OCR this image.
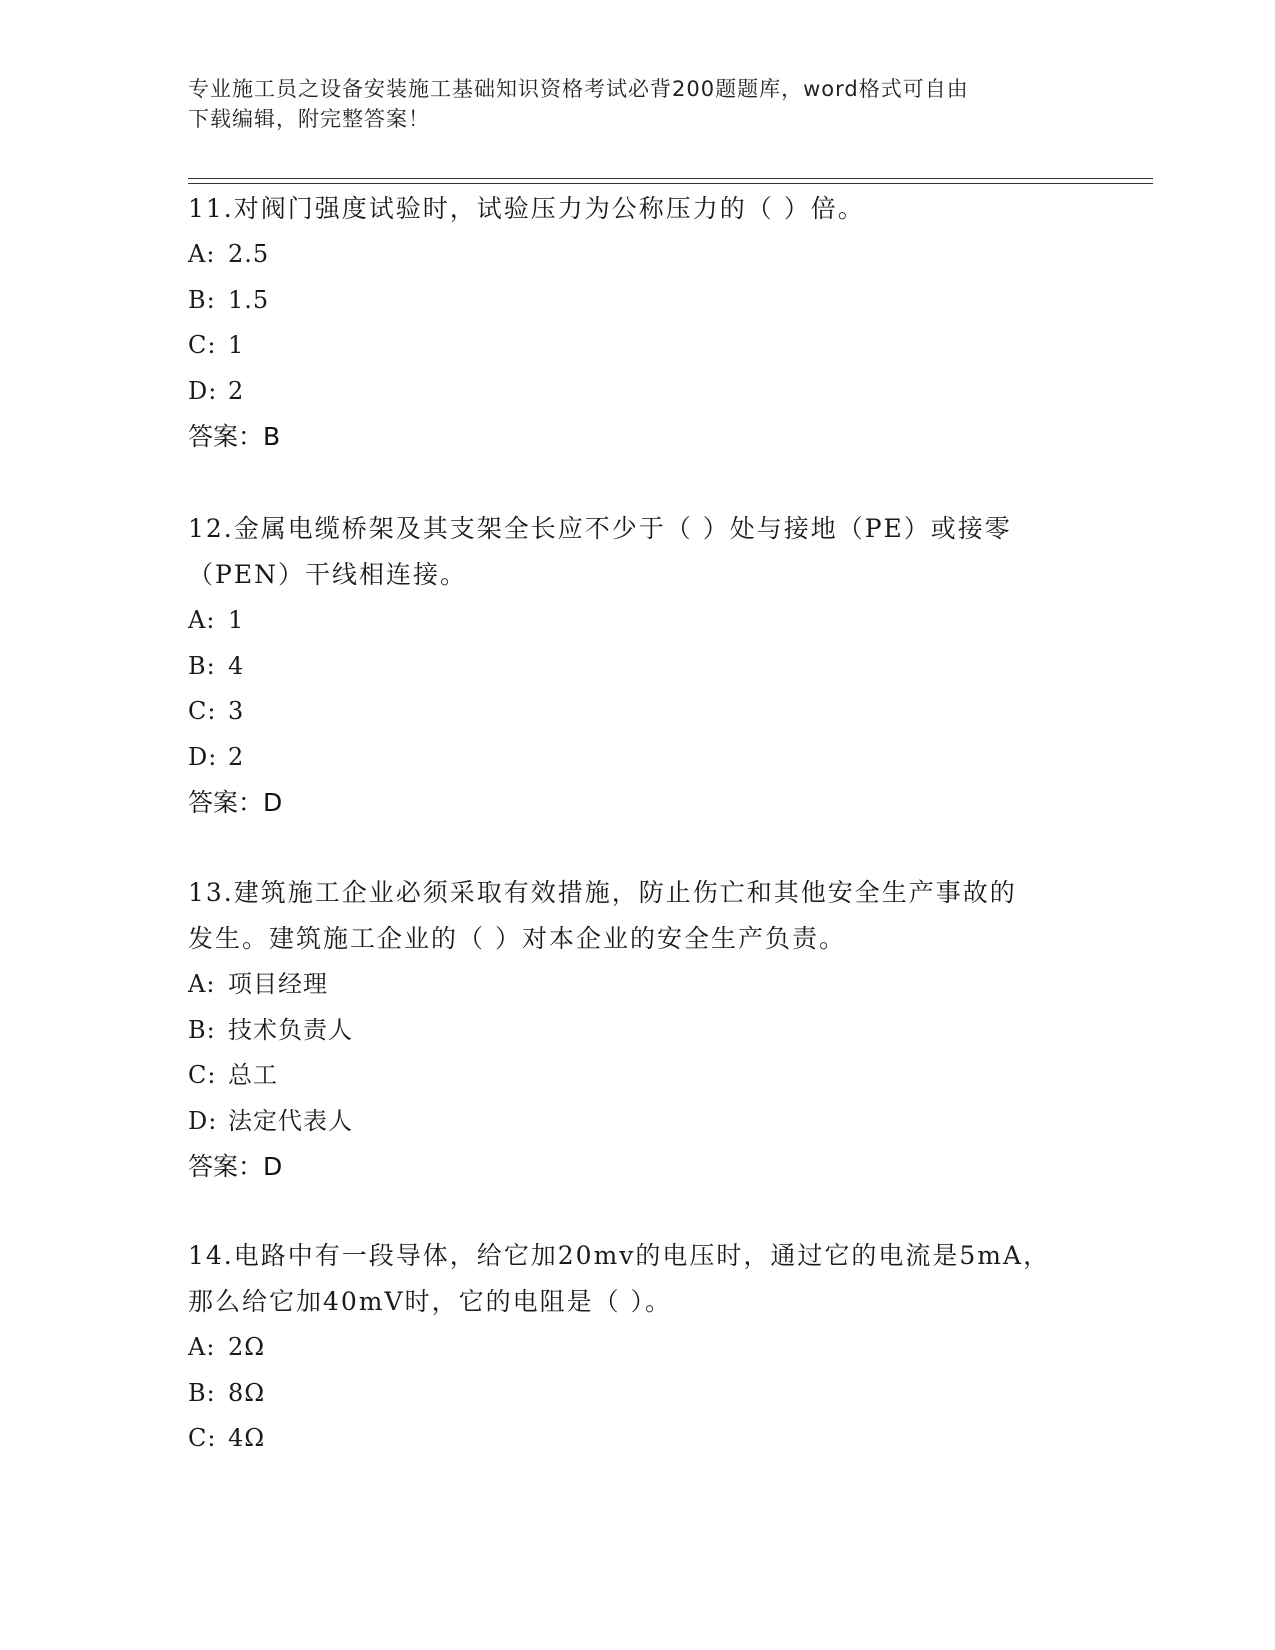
专业施工员之设备安装施工基础知识资格考试必背200题题库，word格式可自由
下载编辑，附完整答案！
11.对阀门强度试验时，试验压力为公称压力的（ ）倍。
A: 2.5
B: 1.5
C: 1
D: 2
答案：B
12.金属电缆桥架及其支架全长应不少于（ ）处与接地（PE）或接零
（PEN）干线相连接。
A: 1
B: 4
C: 3
D: 2
答案：D
13.建筑施工企业必须采取有效措施，防止伤亡和其他安全生产事故的
发生。建筑施工企业的（ ）对本企业的安全生产负责。
A: 项目经理
B: 技术负责人
C: 总工
D: 法定代表人
答案：D
14.电路中有一段导体，给它加20mv的电压时，通过它的电流是5mA，
那么给它加40mV时，它的电阻是（ ）。
A: 2Ω
B: 8Ω
C: 4Ω
